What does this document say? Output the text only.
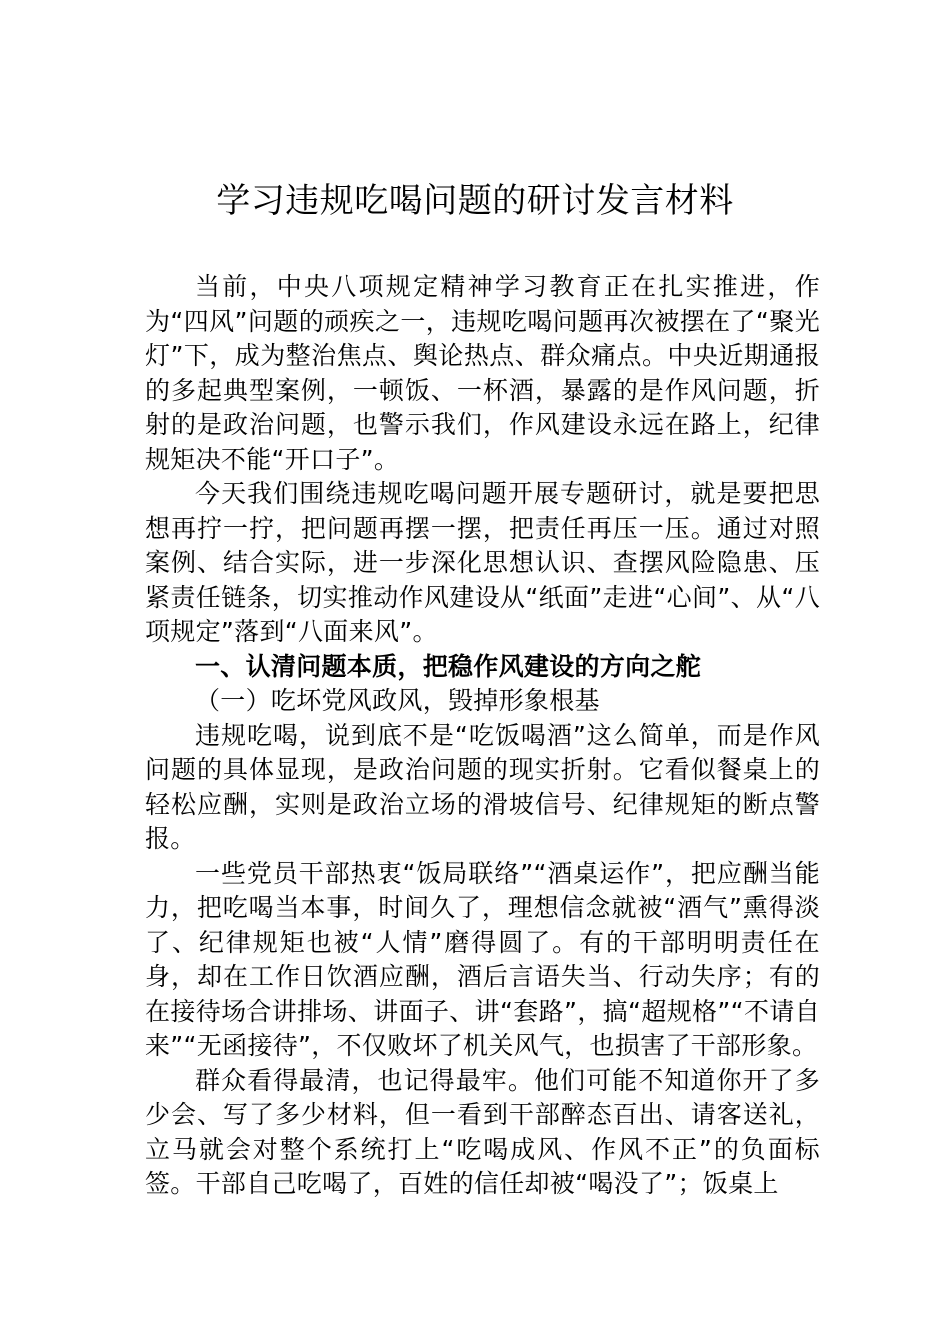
学习违规吃喝问题的研讨发言材料

当前，中央八项规定精神学习教育正在扎实推进，作为“四风”问题的顽疾之一，违规吃喝问题再次被摆在了“聚光灯”下，成为整治焦点、舆论热点、群众痛点。中央近期通报的多起典型案例，一顿饭、一杯酒，暴露的是作风问题，折射的是政治问题，也警示我们，作风建设永远在路上，纪律规矩决不能“开口子”。

今天我们围绕违规吃喝问题开展专题研讨，就是要把思想再拧一拧，把问题再摆一摆，把责任再压一压。通过对照案例、结合实际，进一步深化思想认识、查摆风险隐患、压紧责任链条，切实推动作风建设从“纸面”走进“心间”、从“八项规定”落到“八面来风”。

一、认清问题本质，把稳作风建设的方向之舵

（一）吃坏党风政风，毁掉形象根基

违规吃喝，说到底不是“吃饭喝酒”这么简单，而是作风问题的具体显现，是政治问题的现实折射。它看似餐桌上的轻松应酬，实则是政治立场的滑坡信号、纪律规矩的断点警报。

一些党员干部热衷“饭局联络”“酒桌运作”，把应酬当能力，把吃喝当本事，时间久了，理想信念就被“酒气”熏得淡了、纪律规矩也被“人情”磨得圆了。有的干部明明责任在身，却在工作日饮酒应酬，酒后言语失当、行动失序；有的在接待场合讲排场、讲面子、讲“套路”，搞“超规格”“不请自来”“无函接待”，不仅败坏了机关风气，也损害了干部形象。

群众看得最清，也记得最牢。他们可能不知道你开了多少会、写了多少材料，但一看到干部醉态百出、请客送礼，立马就会对整个系统打上“吃喝成风、作风不正”的负面标签。干部自己吃喝了，百姓的信任却被“喝没了”；饭桌上
